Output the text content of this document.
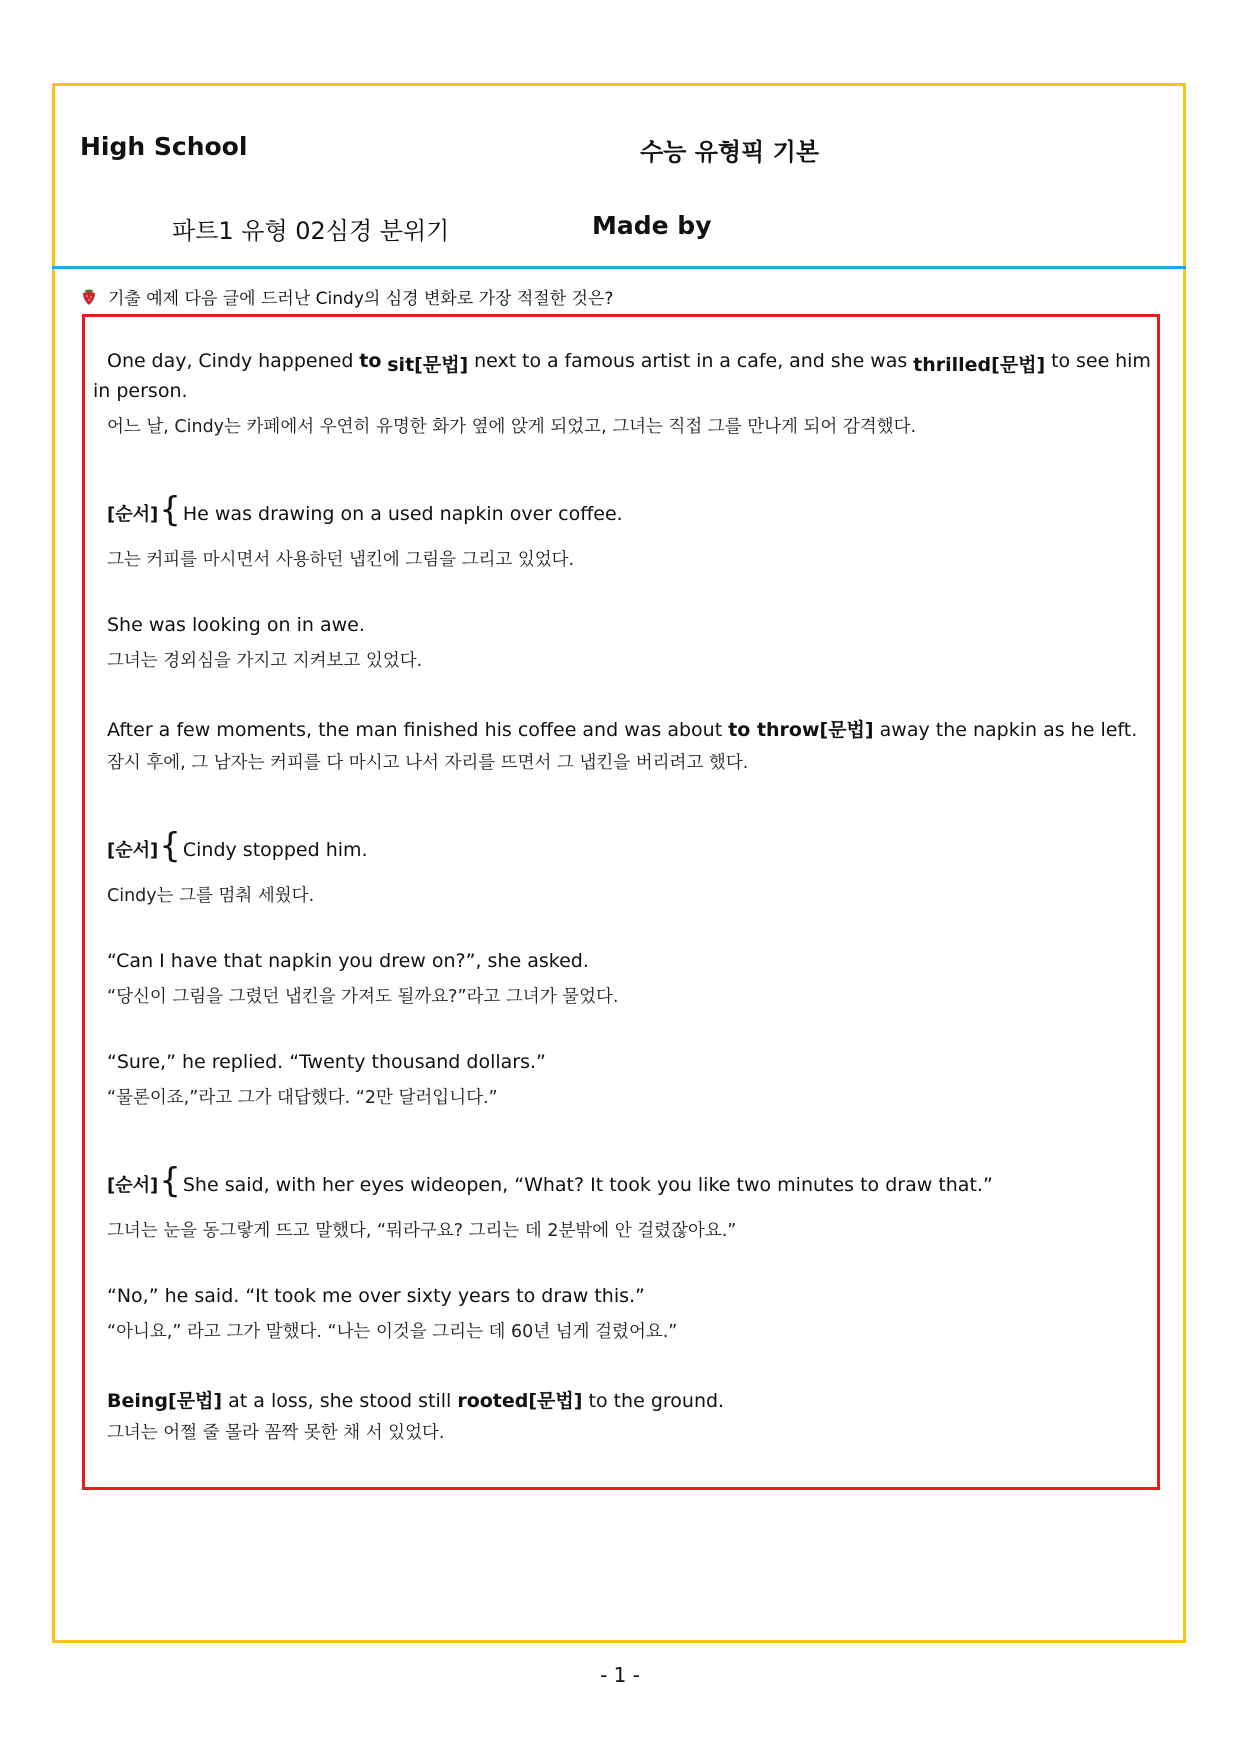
High School	수능 유형픽 기본
파트1 유형 02심경 분위기	Made by
기출 예제 다음 글에 드러난 Cindy의 심경 변화로 가장 적절한 것은?
One day, Cindy happened to sit[문법] next to a famous artist in a cafe, and she was thrilled[문법] to see him
in person.
어느 날, Cindy는 카페에서 우연히 유명한 화가 옆에 앉게 되었고, 그녀는 직접 그를 만나게 되어 감격했다.
[순서] { He was drawing on a used napkin over coffee.
그는 커피를 마시면서 사용하던 냅킨에 그림을 그리고 있었다.
She was looking on in awe.
그녀는 경외심을 가지고 지켜보고 있었다.
After a few moments, the man finished his coffee and was about to throw[문법] away the napkin as he left.
잠시 후에, 그 남자는 커피를 다 마시고 나서 자리를 뜨면서 그 냅킨을 버리려고 했다.
[순서] { Cindy stopped him.
Cindy는 그를 멈춰 세웠다.
“Can I have that napkin you drew on?”, she asked.
“당신이 그림을 그렸던 냅킨을 가져도 될까요?”라고 그녀가 물었다.
“Sure,” he replied. “Twenty thousand dollars.”
“물론이죠,”라고 그가 대답했다. “2만 달러입니다.”
[순서] { She said, with her eyes wideopen, “What? It took you like two minutes to draw that.”
그녀는 눈을 동그랗게 뜨고 말했다, “뭐라구요? 그리는 데 2분밖에 안 걸렸잖아요.”
“No,” he said. “It took me over sixty years to draw this.”
“아니요,” 라고 그가 말했다. “나는 이것을 그리는 데 60년 넘게 걸렸어요.”
Being[문법] at a loss, she stood still rooted[문법] to the ground.
그녀는 어쩔 줄 몰라 꼼짝 못한 채 서 있었다.
- 1 -
